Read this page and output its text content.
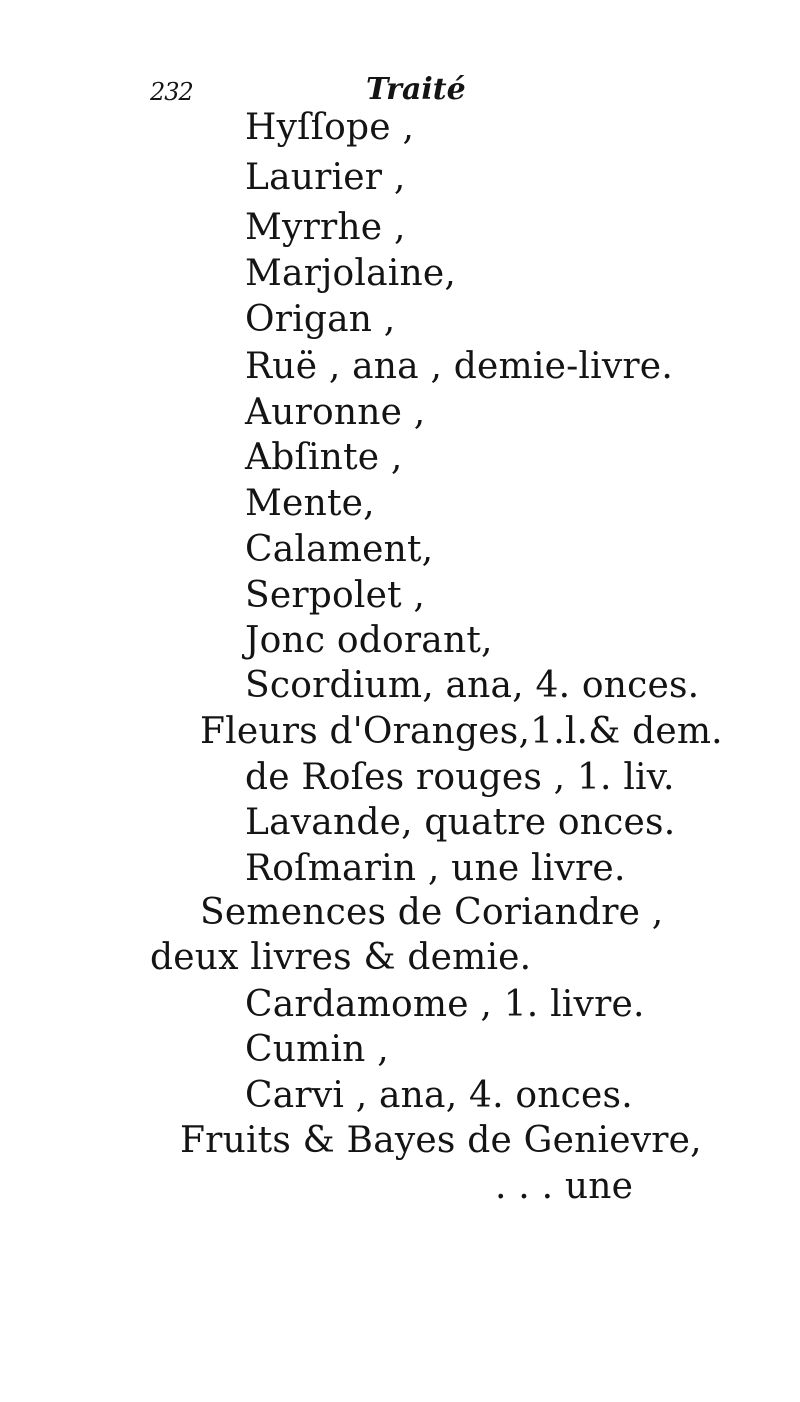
232	Traité
Hyſſope ,
Laurier ,
Myrrhe ,
Marjolaine,
Origan ,
Ruë , ana , demie-livre.
Auronne ,
Abſinte ,
Mente,
Calament,
Serpolet ,
Jonc odorant,
Scordium, ana, 4. onces.
Fleurs d'Oranges,1.l.& dem.
de Roſes rouges , 1. liv.
Lavande, quatre onces.
Roſmarin , une livre.
Semences de Coriandre ,
deux livres & demie.
Cardamome , 1. livre.
Cumin ,
Carvi , ana, 4. onces.
Fruits & Bayes de Genievre,
. . . une
